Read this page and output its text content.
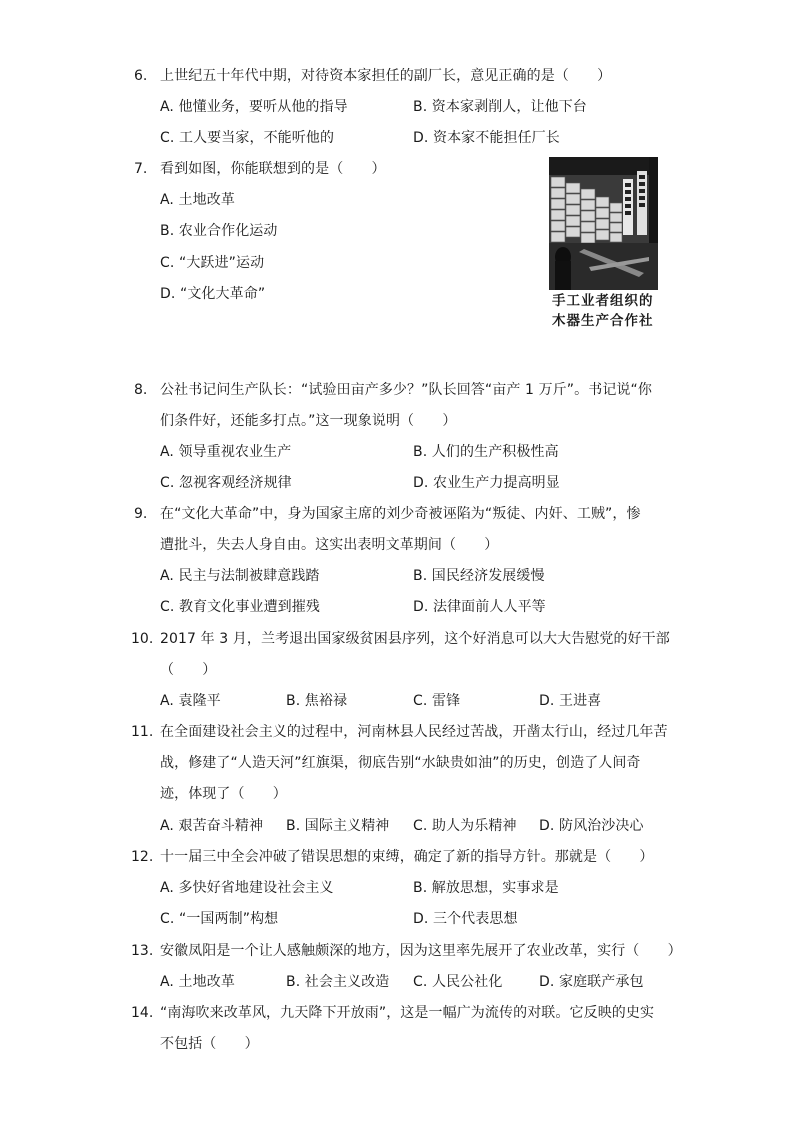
6. 上世纪五十年代中期，对待资本家担任的副厂长，意见正确的是（　　）
A. 他懂业务，要听从他的指导	B. 资本家剥削人，让他下台
C. 工人要当家，不能听他的	D. 资本家不能担任厂长
7. 看到如图，你能联想到的是（　　）
A. 土地改革
B. 农业合作化运动
C. “大跃进”运动
D. “文化大革命”	手工业者组织的
木器生产合作社
8. 公社书记问生产队长：“试验田亩产多少？”队长回答“亩产 1 万斤”。书记说“你
们条件好，还能多打点。”这一现象说明（　　）
A. 领导重视农业生产	B. 人们的生产积极性高
C. 忽视客观经济规律	D. 农业生产力提高明显
9. 在“文化大革命”中，身为国家主席的刘少奇被诬陷为“叛徒、内奸、工贼”，惨
遭批斗，失去人身自由。这实出表明文革期间（　　）
A. 民主与法制被肆意践踏	B. 国民经济发展缓慢
C. 教育文化事业遭到摧残	D. 法律面前人人平等
10. 2017 年 3 月，兰考退出国家级贫困县序列，这个好消息可以大大告慰党的好干部
（　　）
A. 袁隆平	B. 焦裕禄	C. 雷锋	D. 王进喜
11. 在全面建设社会主义的过程中，河南林县人民经过苦战，开凿太行山，经过几年苦
战，修建了“人造天河”红旗渠，彻底告别“水缺贵如油”的历史，创造了人间奇
迹，体现了（　　）
A. 艰苦奋斗精神 B. 国际主义精神 C. 助人为乐精神 D. 防风治沙决心
12. 十一届三中全会冲破了错误思想的束缚，确定了新的指导方针。那就是（　　）
A. 多快好省地建设社会主义	B. 解放思想，实事求是
C. “一国两制”构想	D. 三个代表思想
13. 安徽凤阳是一个让人感触颇深的地方，因为这里率先展开了农业改革，实行（　　）
A. 土地改革	B. 社会主义改造 C. 人民公社化	D. 家庭联产承包
14. “南海吹来改革风，九天降下开放雨”，这是一幅广为流传的对联。它反映的史实
不包括（　　）
